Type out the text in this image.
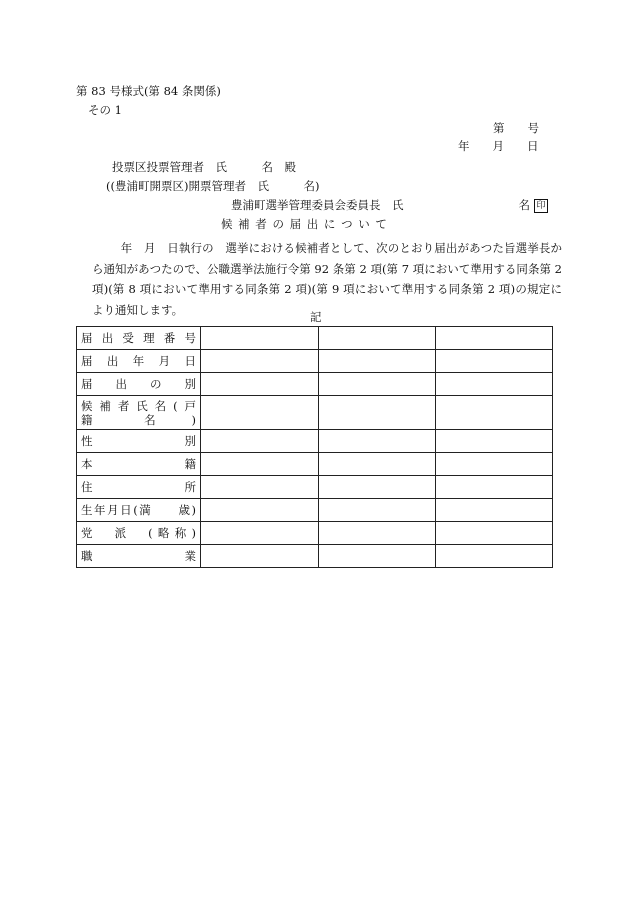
第 83 号様式(第 84 条関係)
その 1
第　　号
年　　月　　日
投票区投票管理者　氏　　　名　殿
((豊浦町開票区)開票管理者　氏　　　名)
豊浦町選挙管理委員会委員長　氏　　　　　　　　　　名 印
候 補 者 の 届 出 に つ い て

年　月　日執行の　選挙における候補者として、次のとおり届出があつた旨選挙長から通知があつたので、公職選挙法施行令第 92 条第 2 項(第 7 項において準用する同条第 2 項)(第 8 項において準用する同条第 2 項)(第 9 項において準用する同条第 2 項)の規定により通知します。

記
届出受理番号			

届出年月日			

届　出　の　別			

候補者氏名(戸
籍　　　名　　)			

性　　　　　別			

本　　　　　籍			

住　　　　　所			

生年月日(満　　歳)			

党　派　(略称)			

職　　　　　業			
